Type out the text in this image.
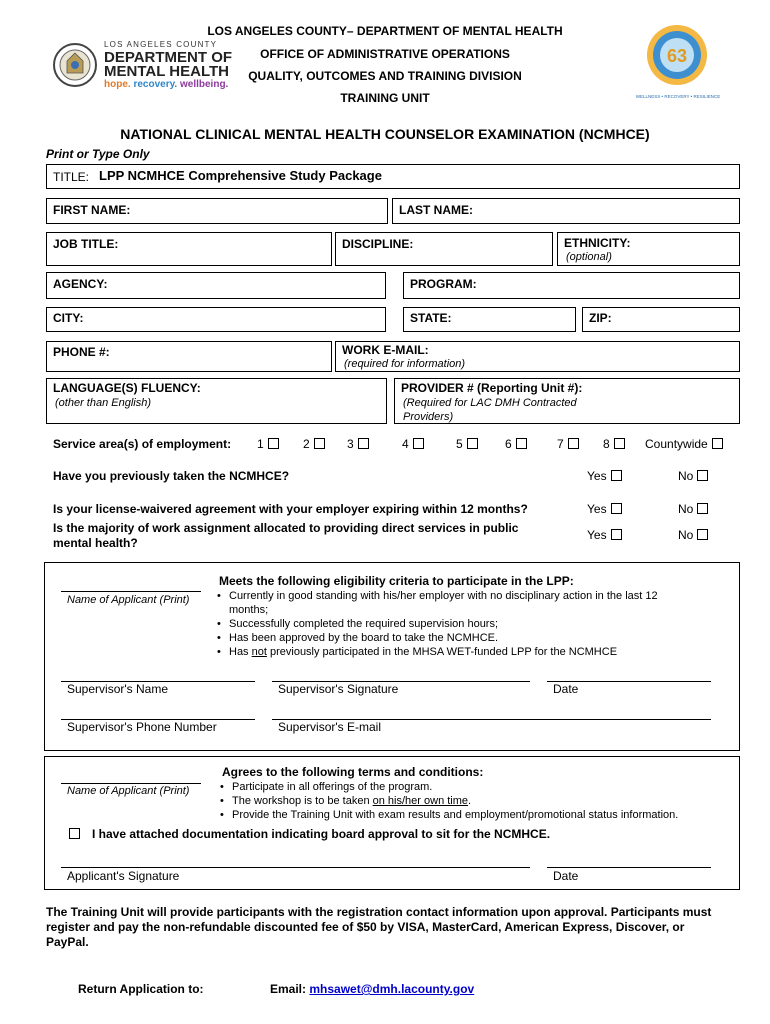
LOS ANGELES COUNTY– DEPARTMENT OF MENTAL HEALTH
OFFICE OF ADMINISTRATIVE OPERATIONS
QUALITY, OUTCOMES AND TRAINING DIVISION
TRAINING UNIT
LOS ANGELES COUNTY
DEPARTMENT OF
MENTAL HEALTH
hope. recovery. wellbeing.
63
WELLNESS • RECOVERY • RESILIENCE
NATIONAL CLINICAL MENTAL HEALTH COUNSELOR EXAMINATION (NCMHCE)
Print or Type Only
TITLE: LPP NCMHCE Comprehensive Study Package
FIRST NAME:	LAST NAME:
JOB TITLE:	DISCIPLINE:	ETHNICITY:
(optional)
AGENCY:	PROGRAM:
CITY:	STATE:	ZIP:
PHONE #:	WORK E-MAIL:
(required for information)
LANGUAGE(S) FLUENCY:
(other than English)
PROVIDER # (Reporting Unit #):
(Required for LAC DMH Contracted Providers)
Service area(s) of employment: 1	2	3	4	5	6	7	8	Countywide
Have you previously taken the NCMHCE?	Yes	No
Is your license-waivered agreement with your employer expiring within 12 months?	Yes	No
Is the majority of work assignment allocated to providing direct services in public mental health?
Yes	No
Name of Applicant (Print)
Meets the following eligibility criteria to participate in the LPP:
• Currently in good standing with his/her employer with no disciplinary action in the last 12 months;
• Successfully completed the required supervision hours;
• Has been approved by the board to take the NCMHCE.
• Has not previously participated in the MHSA WET-funded LPP for the NCMHCE
Supervisor's Name	Supervisor's Signature	Date
Supervisor's Phone Number	Supervisor's E-mail
Name of Applicant (Print)
Agrees to the following terms and conditions:
• Participate in all offerings of the program.
• The workshop is to be taken on his/her own time.
• Provide the Training Unit with exam results and employment/promotional status information.
I have attached documentation indicating board approval to sit for the NCMHCE.
Applicant's Signature	Date
The Training Unit will provide participants with the registration contact information upon approval. Participants must register and pay the non-refundable discounted fee of $50 by VISA, MasterCard, American Express, Discover, or PayPal.
Return Application to:	Email: mhsawet@dmh.lacounty.gov
